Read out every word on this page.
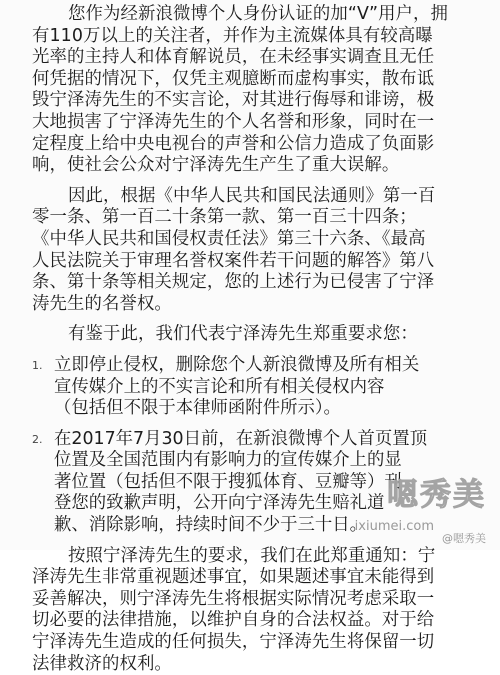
您作为经新浪微博个人身份认证的加“V”用户，拥
有110万以上的关注者，并作为主流媒体具有较高曝
光率的主持人和体育解说员，在未经事实调查且无任
何凭据的情况下，仅凭主观臆断而虚构事实，散布诋
毁宁泽涛先生的不实言论，对其进行侮辱和诽谤，极
大地损害了宁泽涛先生的个人名誉和形象，同时在一
定程度上给中央电视台的声誉和公信力造成了负面影
响，使社会公众对宁泽涛先生产生了重大误解。
因此，根据《中华人民共和国民法通则》第一百
零一条、第一百二十条第一款、第一百三十四条；
《中华人民共和国侵权责任法》第三十六条、《最高
人民法院关于审理名誉权案件若干问题的解答》第八
条、第十条等相关规定，您的上述行为已侵害了宁泽
涛先生的名誉权。
有鉴于此，我们代表宁泽涛先生郑重要求您：
1. 立即停止侵权，删除您个人新浪微博及所有相关
宣传媒介上的不实言论和所有相关侵权内容
（包括但不限于本律师函附件所示）。
2. 在2017年7月30日前，在新浪微博个人首页置顶
位置及全国范围内有影响力的宣传媒介上的显
著位置（包括但不限于搜狐体育、豆瓣等）刊
登您的致歉声明，公开向宁泽涛先生赔礼道
歉、消除影响，持续时间不少于三十日。
按照宁泽涛先生的要求，我们在此郑重通知：宁
泽涛先生非常重视题述事宜，如果题述事宜未能得到
妥善解决，则宁泽涛先生将根据实际情况考虑采取一
切必要的法律措施，以维护自身的合法权益。对于给
宁泽涛先生造成的任何损失，宁泽涛先生将保留一切
法律救济的权利。
嗯秀美
ixiumei.com
@嗯秀美
